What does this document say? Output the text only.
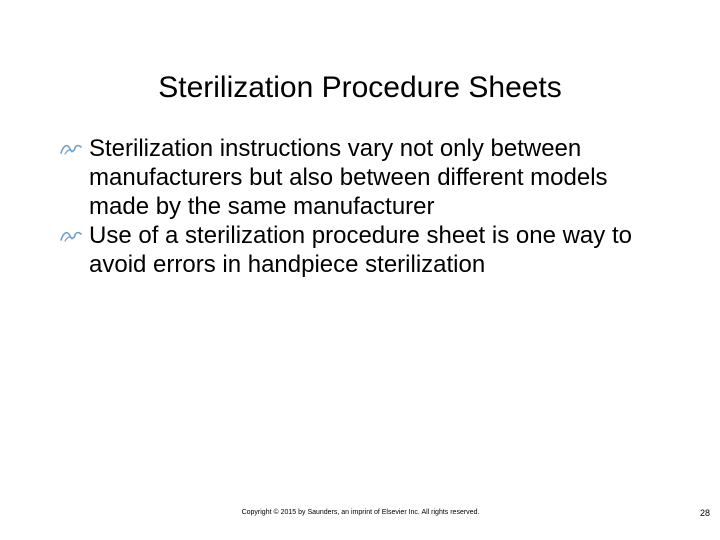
Sterilization Procedure Sheets
Sterilization instructions vary not only between manufacturers but also between different models made by the same manufacturer
Use of a sterilization procedure sheet is one way to avoid errors in handpiece sterilization
Copyright © 2015 by Saunders, an imprint of Elsevier Inc. All rights reserved.	28
